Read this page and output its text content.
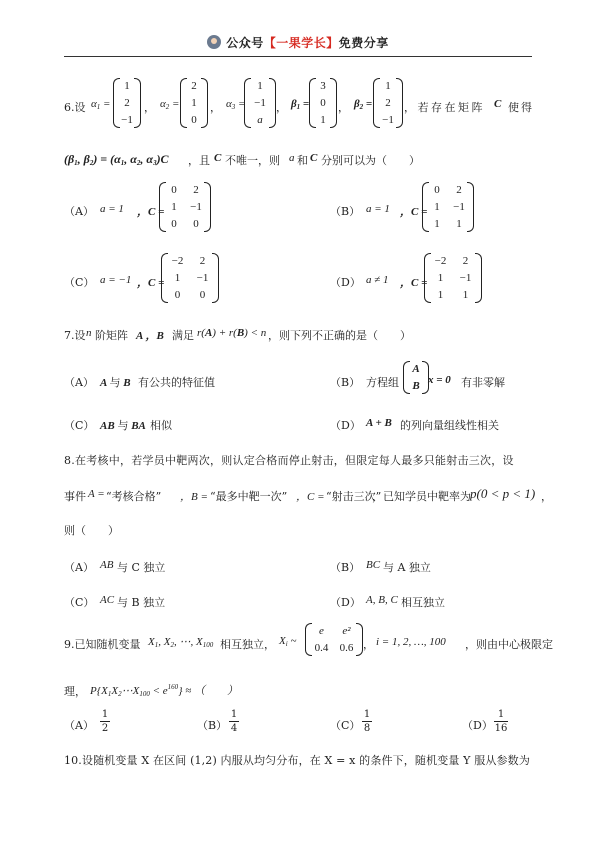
公众号【一果学长】免费分享
6.设 $\alpha_1$ =
1
2
−1
， $\alpha_2$ =
2
1
0
， $\alpha_3$ =
1
−1
a
， $\beta_1$ =
3
0
1
， $\beta_2$ =
1
2
−1
，若存在矩阵 C 使得
($\beta_1$, $\beta_2) = (\alpha_1$, $\alpha_2$, $\alpha_3)C$ ，且 C 不唯一，则 a 和 C 分别可以为（　　）
（A） a = 1 ，C =
0	2
1	−1
0	0
（B） a = 1 ，C =
0	2
1	−1
1	1
（C） a = −1 ，C =
−2	2
1	−1
0	0
（D） a ≠ 1 ，C =
−2	2
1	−1
1	1
7.设 n 阶矩阵 A ，B 满足 r(A) + r(B) < n ，则下列不正确的是（　　）
（A） A 与 B 有公共的特征值	（B） 方程组
A
B x = 0 有非零解
（C） AB 与 BA 相似	（D） A + B 的列向量组线性相关
8.在考核中，若学员中靶两次，则认定合格而停止射击，但限定每人最多只能射击三次，设
事件 A = “考核合格” ，B = “最多中靶一次” ，C = “射击三次”
，已知学员中靶率为 p(0 < p < 1) ，
则（　　）
（A） AB 与 C 独立	（B） BC 与 A 独立
（C） AC 与 B 独立	（D） A, B, C 相互独立
9.已知随机变量 $X_1$, $X_2$, ⋯, $X_{100}$ 相互独立， $X_i$ ~
e	e²
0.4 0.6 ， i = 1, 2, …, 100 ，则由中心极限定
理， $P\{X_1X_2\cdots X_{100} < e^{160}\}$ ≈ （　　）
（A）
1
2	（B）
1
4	（C）
1
8	（D）
1
16
10.设随机变量 X 在区间 (1,2) 内服从均匀分布，在 X = x 的条件下，随机变量 Y 服从参数为
